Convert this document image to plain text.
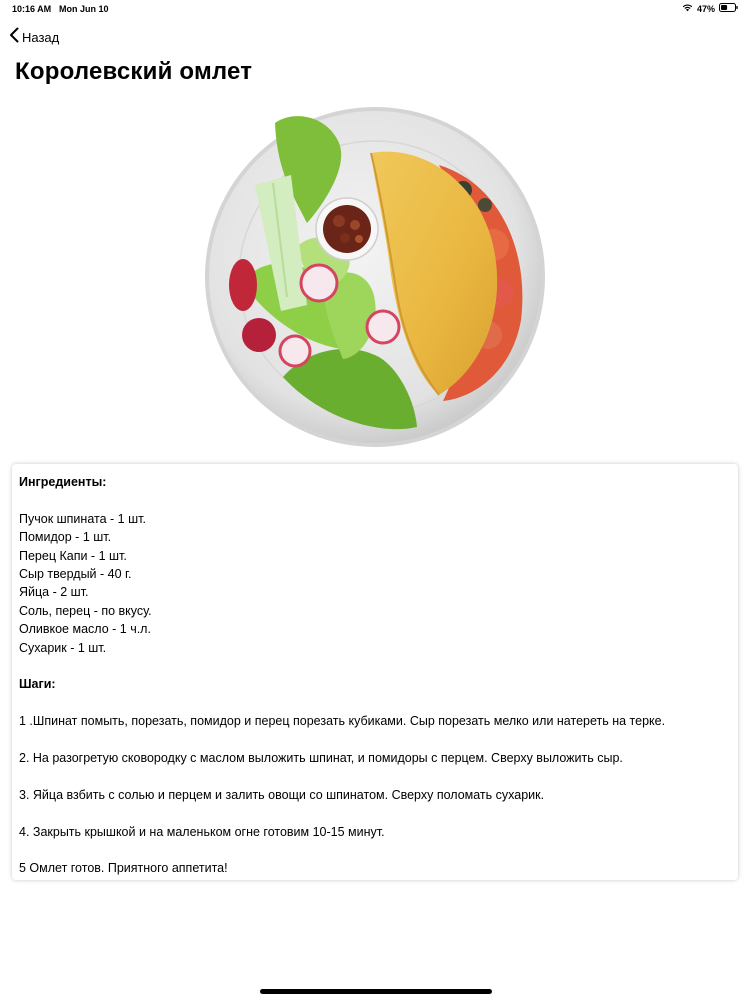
10:16 AM Mon Jun 10	47%
Назад
Королевский омлет
Ингредиенты:
Пучок шпината - 1 шт.
Помидор - 1 шт.
Перец Капи - 1 шт.
Сыр твердый - 40 г.
Яйца - 2 шт.
Соль, перец - по вкусу.
Оливкое масло - 1 ч.л.
Сухарик - 1 шт.
Шаги:
1 .Шпинат помыть, порезать, помидор и перец порезать кубиками. Сыр порезать мелко или натереть на терке.
2. На разогретую сковородку с маслом выложить шпинат, и помидоры с перцем. Сверху выложить сыр.
3. Яйца взбить с солью и перцем и залить овощи со шпинатом. Сверху поломать сухарик.
4. Закрыть крышкой и на маленьком огне готовим 10-15 минут.
5 Омлет готов. Приятного аппетита!
